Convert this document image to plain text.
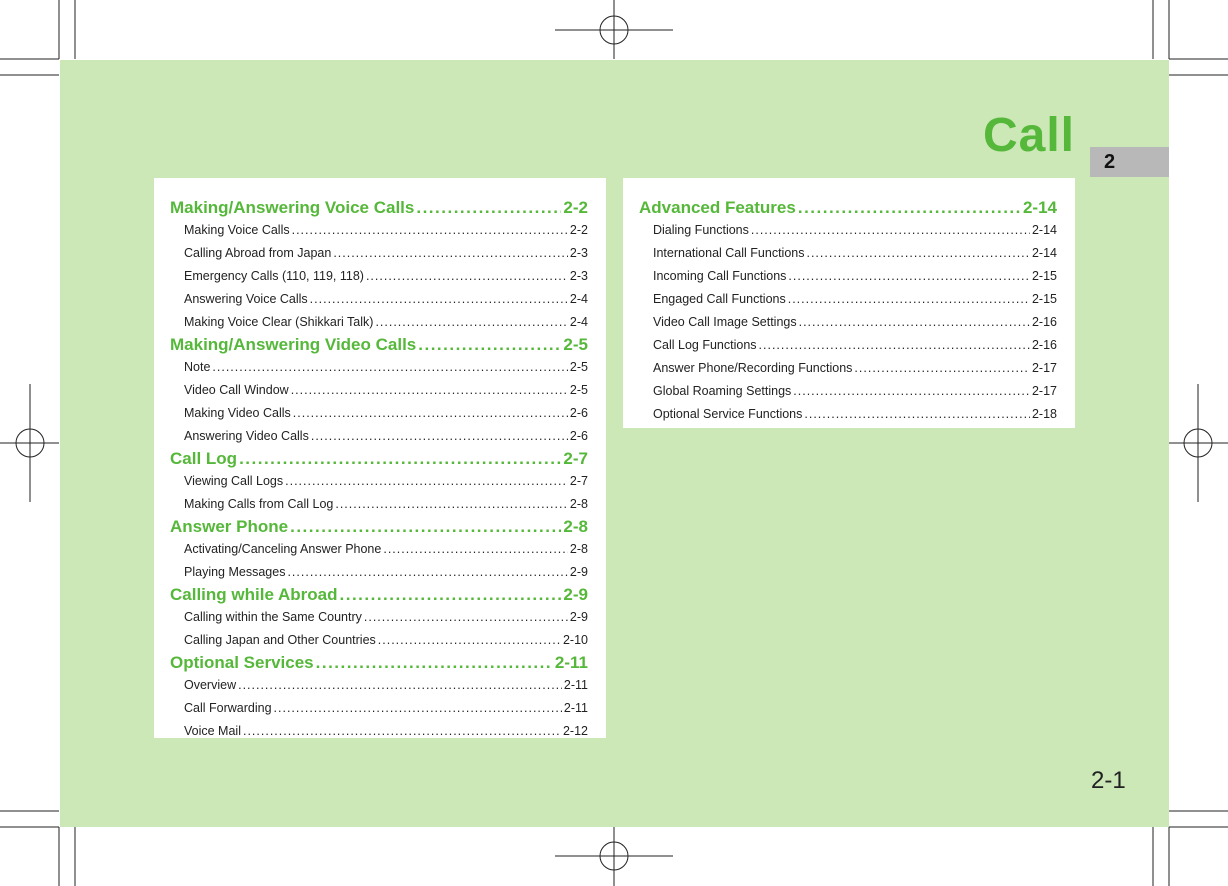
Call	2
2-1
Making/Answering Voice Calls .....	2-2
Making Voice Calls .....	2-2
Calling Abroad from Japan .....	2-3
Emergency Calls (110, 119, 118) .....	2-3
Answering Voice Calls .....	2-4
Making Voice Clear (Shikkari Talk) .....	2-4
Making/Answering Video Calls .....	2-5
Note .....	2-5
Video Call Window .....	2-5
Making Video Calls .....	2-6
Answering Video Calls .....	2-6
Call Log .....	2-7
Viewing Call Logs .....	2-7
Making Calls from Call Log .....	2-8
Answer Phone .....	2-8
Activating/Canceling Answer Phone .....	2-8
Playing Messages .....	2-9
Calling while Abroad .....	2-9
Calling within the Same Country .....	2-9
Calling Japan and Other Countries .....	2-10
Optional Services .....	2-11
Overview .....	2-11
Call Forwarding .....	2-11
Voice Mail .....	2-12
Advanced Features .....	2-14
Dialing Functions .....	2-14
International Call Functions .....	2-14
Incoming Call Functions .....	2-15
Engaged Call Functions .....	2-15
Video Call Image Settings .....	2-16
Call Log Functions .....	2-16
Answer Phone/Recording Functions .....	2-17
Global Roaming Settings .....	2-17
Optional Service Functions .....	2-18
